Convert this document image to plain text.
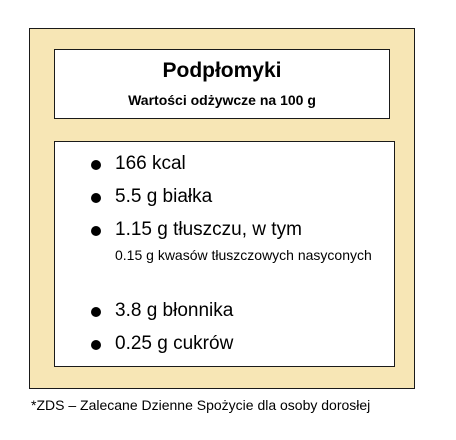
Podpłomyki
Wartości odżywcze na 100 g
166 kcal
5.5 g białka
1.15 g tłuszczu, w tym
0.15 g kwasów tłuszczowych nasyconych
3.8 g błonnika
0.25 g cukrów
*ZDS – Zalecane Dzienne Spożycie dla osoby dorosłej
